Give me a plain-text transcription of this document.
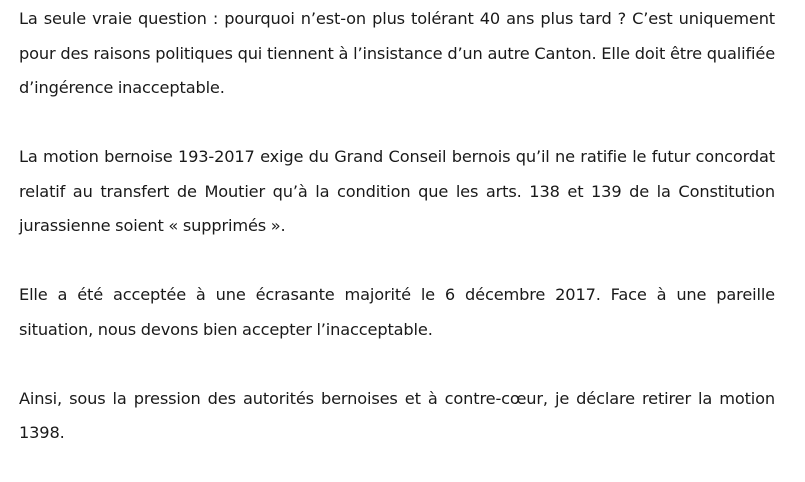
La seule vraie question : pourquoi n’est-on plus tolérant 40 ans plus tard ? C’est uniquement pour des raisons politiques qui tiennent à l’insistance d’un autre Canton. Elle doit être qualifiée d’ingérence inacceptable.

La motion bernoise 193-2017 exige du Grand Conseil bernois qu’il ne ratifie le futur concordat relatif au transfert de Moutier qu’à la condition que les arts. 138 et 139 de la Constitution jurassienne soient « supprimés ».

Elle a été acceptée à une écrasante majorité le 6 décembre 2017. Face à une pareille situation, nous devons bien accepter l’inacceptable.

Ainsi, sous la pression des autorités bernoises et à contre-cœur, je déclare retirer la motion 1398.
